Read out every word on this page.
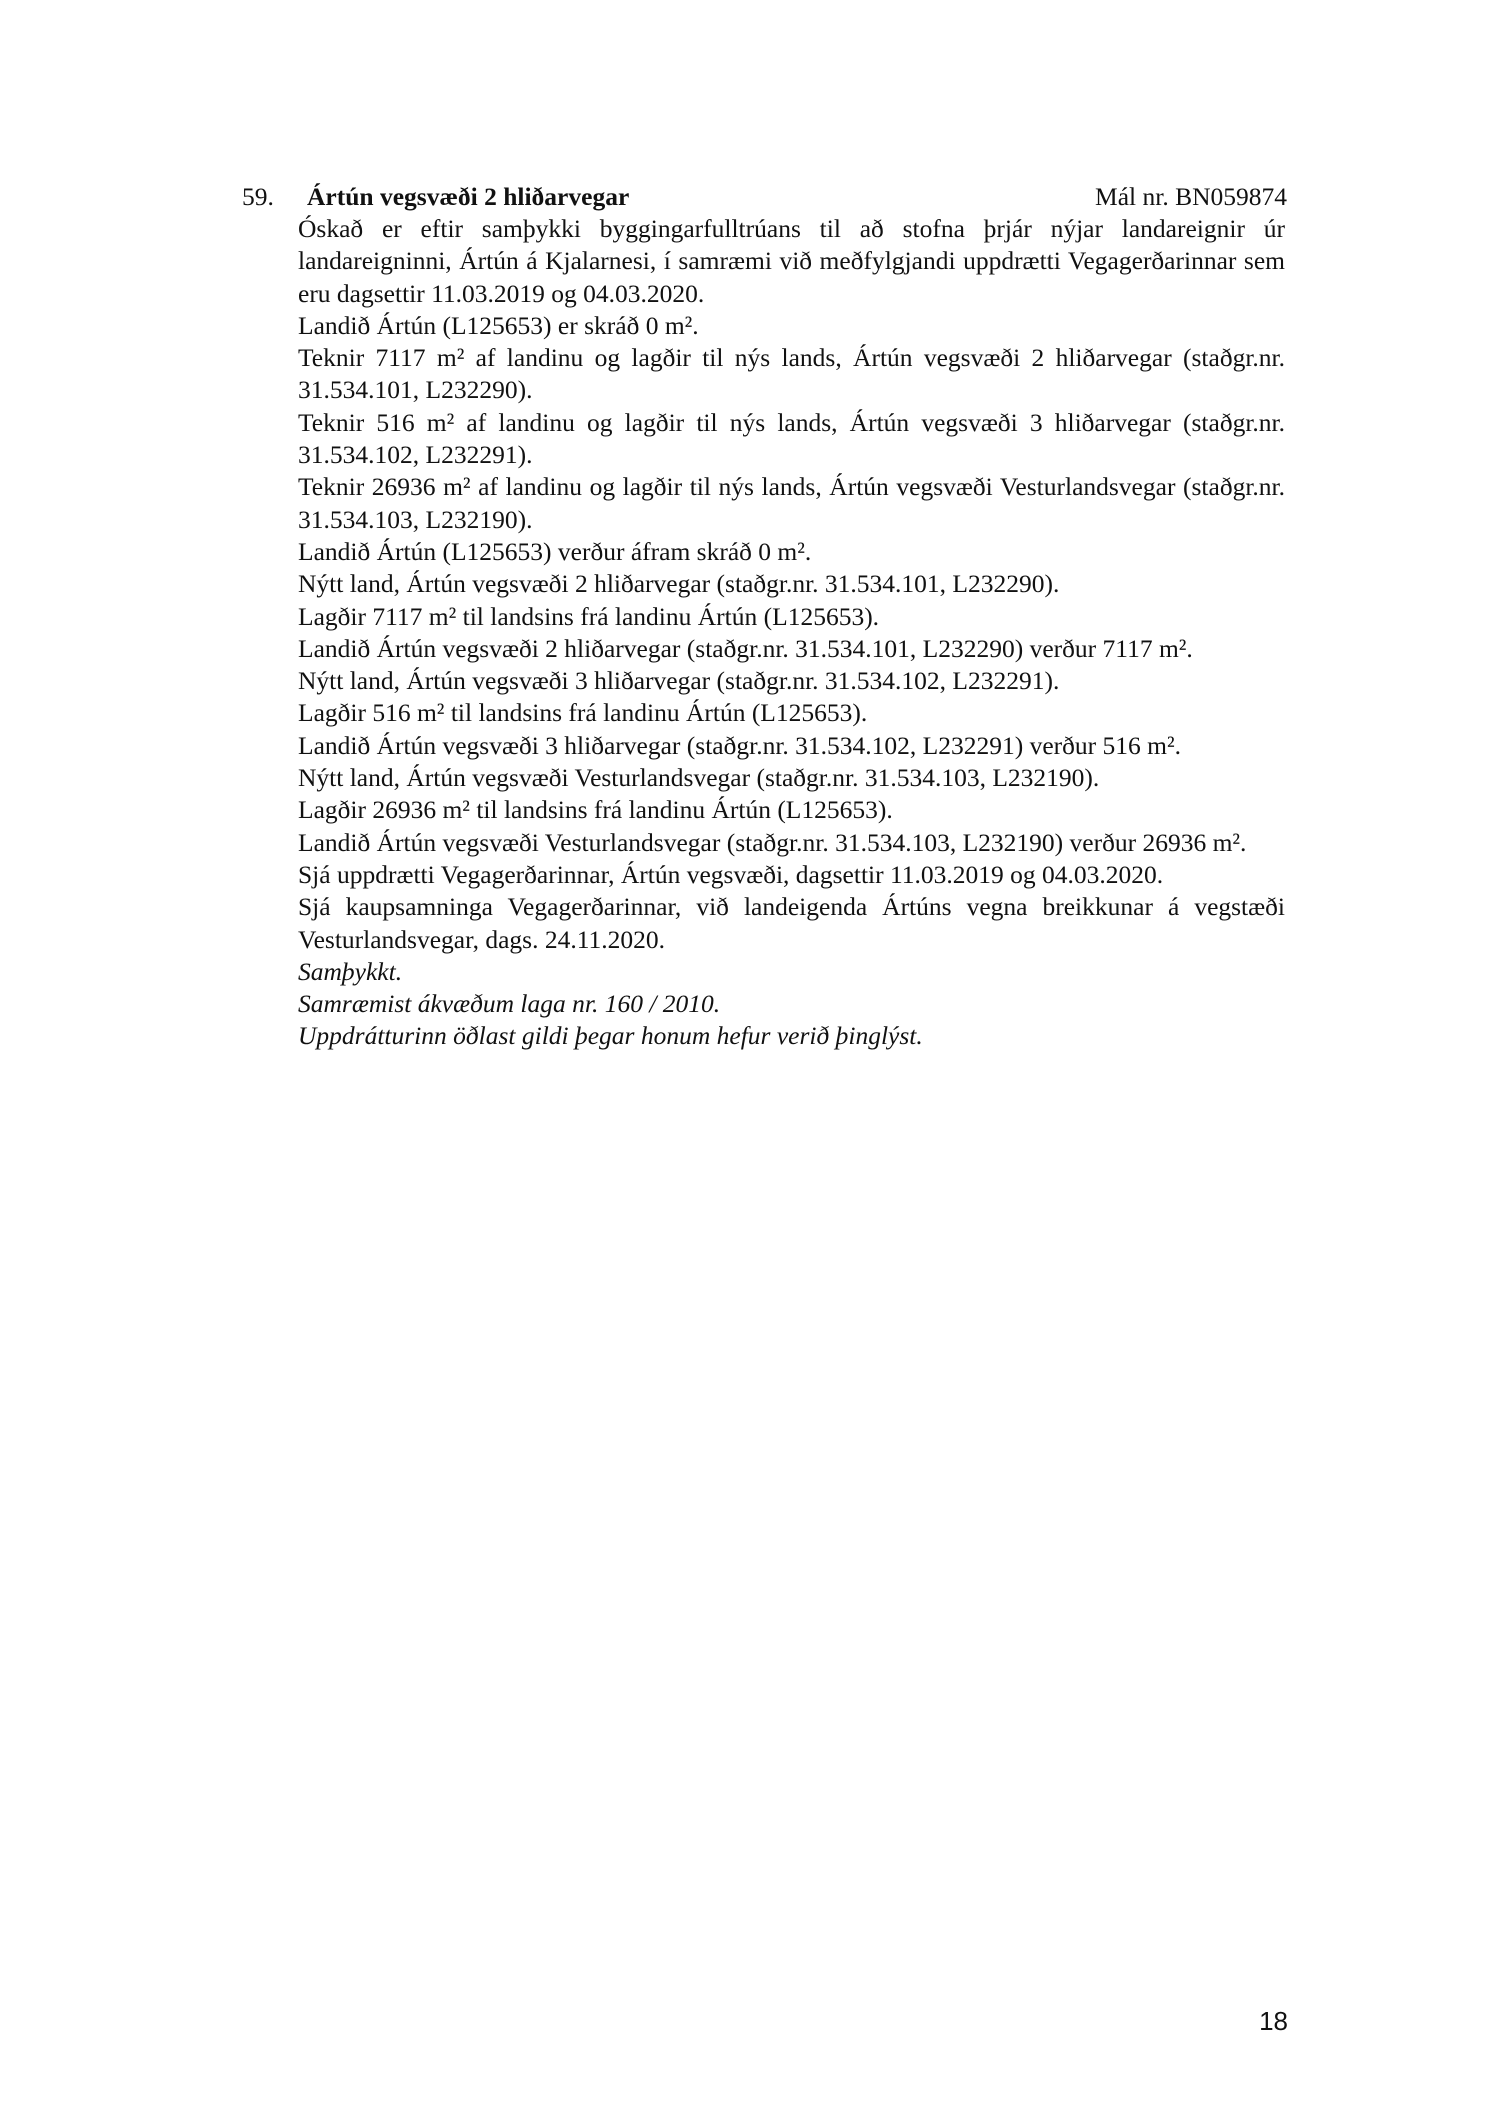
59. Ártún vegsvæði 2 hliðarvegar	Mál nr. BN059874

Óskað er eftir samþykki byggingarfulltrúans til að stofna þrjár nýjar landareignir úr landareigninni, Ártún á Kjalarnesi, í samræmi við meðfylgjandi uppdrætti Vegagerðarinnar sem eru dagsettir 11.03.2019 og 04.03.2020.

Landið Ártún (L125653) er skráð 0 m².

Teknir 7117 m² af landinu og lagðir til nýs lands, Ártún vegsvæði 2 hliðarvegar (staðgr.nr. 31.534.101, L232290).

Teknir 516 m² af landinu og lagðir til nýs lands, Ártún vegsvæði 3 hliðarvegar (staðgr.nr. 31.534.102, L232291).

Teknir 26936 m² af landinu og lagðir til nýs lands, Ártún vegsvæði Vesturlandsvegar (staðgr.nr. 31.534.103, L232190).

Landið Ártún (L125653) verður áfram skráð 0 m².

Nýtt land, Ártún vegsvæði 2 hliðarvegar (staðgr.nr. 31.534.101, L232290).

Lagðir 7117 m² til landsins frá landinu Ártún (L125653).

Landið Ártún vegsvæði 2 hliðarvegar (staðgr.nr. 31.534.101, L232290) verður 7117 m².

Nýtt land, Ártún vegsvæði 3 hliðarvegar (staðgr.nr. 31.534.102, L232291).

Lagðir 516 m² til landsins frá landinu Ártún (L125653).

Landið Ártún vegsvæði 3 hliðarvegar (staðgr.nr. 31.534.102, L232291) verður 516 m².

Nýtt land, Ártún vegsvæði Vesturlandsvegar (staðgr.nr. 31.534.103, L232190).

Lagðir 26936 m² til landsins frá landinu Ártún (L125653).

Landið Ártún vegsvæði Vesturlandsvegar (staðgr.nr. 31.534.103, L232190) verður 26936 m².

Sjá uppdrætti Vegagerðarinnar, Ártún vegsvæði, dagsettir 11.03.2019 og 04.03.2020.

Sjá kaupsamninga Vegagerðarinnar, við landeigenda Ártúns vegna breikkunar á vegstæði Vesturlandsvegar, dags. 24.11.2020.

Samþykkt.

Samræmist ákvæðum laga nr. 160 / 2010.

Uppdrátturinn öðlast gildi þegar honum hefur verið þinglýst.

18
